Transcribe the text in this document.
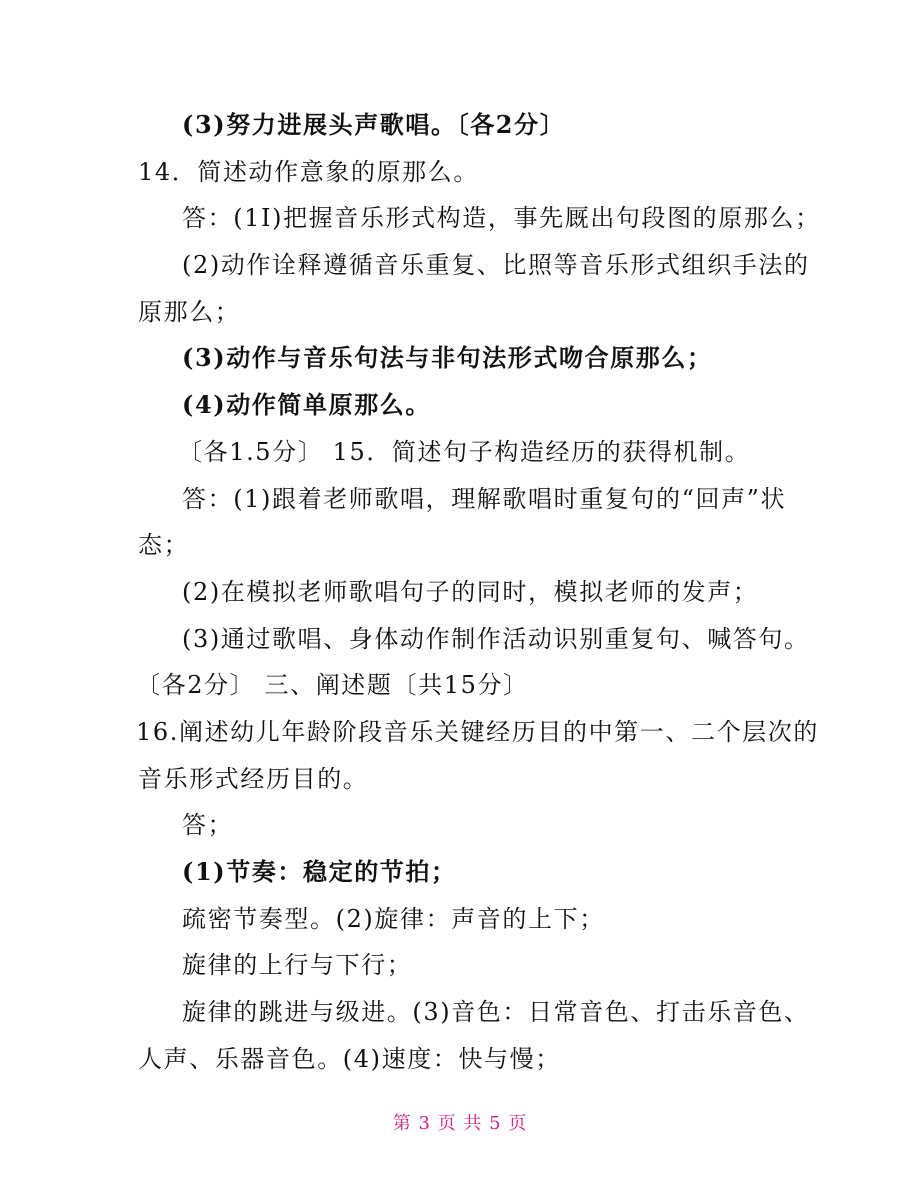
(3)努力进展头声歌唱。〔各2分〕
14．简述动作意象的原那么。
答：(1I)把握音乐形式构造，事先厩出句段图的原那么；
(2)动作诠释遵循音乐重复、比照等音乐形式组织手法的
原那么；
(3)动作与音乐句法与非句法形式吻合原那么；
(4)动作简单原那么。
〔各1.5分〕 15．简述句子构造经历的获得机制。
答：(1)跟着老师歌唱，理解歌唱时重复句的“回声”状
态；
(2)在模拟老师歌唱句子的同时，模拟老师的发声；
(3)通过歌唱、身体动作制作活动识别重复句、喊答句。
〔各2分〕 三、阐述题〔共15分〕
16.阐述幼儿年龄阶段音乐关键经历目的中第一、二个层次的
音乐形式经历目的。
答；
(1)节奏：稳定的节拍；
疏密节奏型。(2)旋律：声音的上下；
旋律的上行与下行；
旋律的跳进与级进。(3)音色：日常音色、打击乐音色、
人声、乐器音色。(4)速度：快与慢；
第 3 页 共 5 页
